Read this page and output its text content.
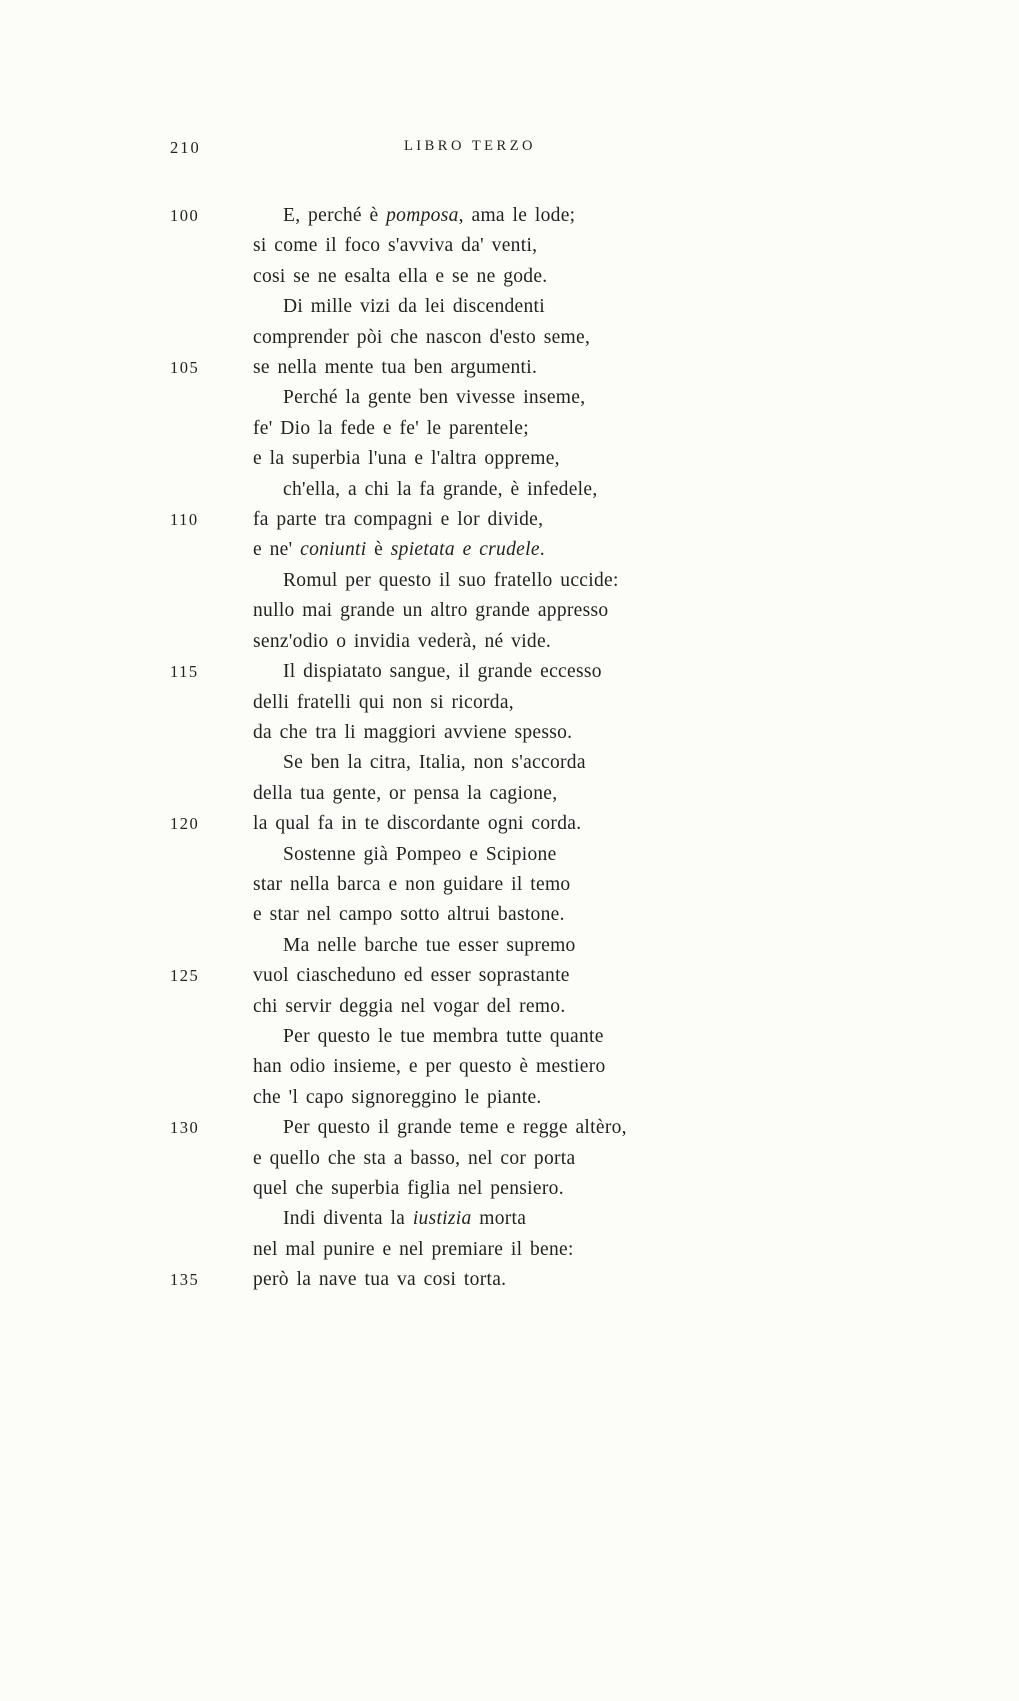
210	LIBRO TERZO
100	E, perché è pomposa, ama le lode;
si come il foco s'avviva da' venti,
cosi se ne esalta ella e se ne gode.
Di mille vizi da lei discendenti
comprender pòi che nascon d'esto seme,
105	se nella mente tua ben argumenti.
Perché la gente ben vivesse inseme,
fe' Dio la fede e fe' le parentele;
e la superbia l'una e l'altra oppreme,
ch'ella, a chi la fa grande, è infedele,
110	fa parte tra compagni e lor divide,
e ne' coniunti è spietata e crudele.
Romul per questo il suo fratello uccide:
nullo mai grande un altro grande appresso
senz'odio o invidia vederà, né vide.
115	Il dispiatato sangue, il grande eccesso
delli fratelli qui non si ricorda,
da che tra li maggiori avviene spesso.
Se ben la citra, Italia, non s'accorda
della tua gente, or pensa la cagione,
120	la qual fa in te discordante ogni corda.
Sostenne già Pompeo e Scipione
star nella barca e non guidare il temo
e star nel campo sotto altrui bastone.
Ma nelle barche tue esser supremo
125	vuol ciascheduno ed esser soprastante
chi servir deggia nel vogar del remo.
Per questo le tue membra tutte quante
han odio insieme, e per questo è mestiero
che 'l capo signoreggino le piante.
130	Per questo il grande teme e regge altèro,
e quello che sta a basso, nel cor porta
quel che superbia figlia nel pensiero.
Indi diventa la iustizia morta
nel mal punire e nel premiare il bene:
135	però la nave tua va cosi torta.
